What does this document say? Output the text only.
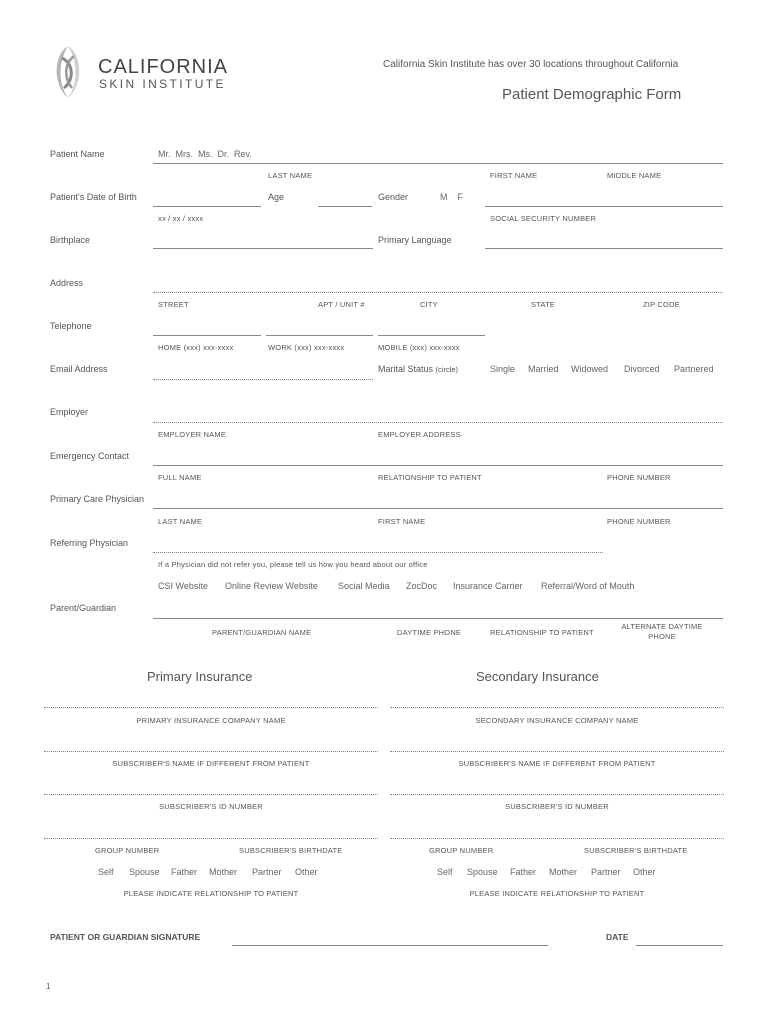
CALIFORNIA
SKIN INSTITUTE
California Skin Institute has over 30 locations throughout California
Patient Demographic Form
Patient Name	Mr.  Mrs.  Ms.  Dr.  Rev.
LAST NAME	FIRST NAME	MIDDLE NAME
Patient's Date of Birth	Age	Gender	M    F
xx / xx / xxxx	SOCIAL SECURITY NUMBER
Birthplace	Primary Language
Address
STREET	APT / UNIT #	CITY	STATE	ZIP CODE
Telephone
HOME (xxx) xxx-xxxx	WORK (xxx) xxx-xxxx	MOBILE (xxx) xxx-xxxx
Email Address	Marital Status (circle)	Single Married Widowed Divorced Partnered
Employer
EMPLOYER NAME	EMPLOYER ADDRESS
Emergency Contact
FULL NAME	RELATIONSHIP TO PATIENT	PHONE NUMBER
Primary Care Physician
LAST NAME	FIRST NAME	PHONE NUMBER
Referring Physician
If a Physician did not refer you, please tell us how you heard about our office
CSI Website Online Review Website Social Media ZocDoc Insurance Carrier Referral/Word of Mouth
Parent/Guardian
PARENT/GUARDIAN NAME	DAYTIME PHONE	RELATIONSHIP TO PATIENT
ALTERNATE DAYTIME
PHONE
Primary Insurance	Secondary Insurance
PRIMARY INSURANCE COMPANY NAME
SUBSCRIBER'S NAME IF DIFFERENT FROM PATIENT
SUBSCRIBER'S ID NUMBER
GROUP NUMBER	SUBSCRIBER'S BIRTHDATE
Self Spouse Father Mother Partner Other
PLEASE INDICATE RELATIONSHIP TO PATIENT
SECONDARY INSURANCE COMPANY NAME
SUBSCRIBER'S NAME IF DIFFERENT FROM PATIENT
SUBSCRIBER'S ID NUMBER
GROUP NUMBER	SUBSCRIBER'S BIRTHDATE
Self Spouse Father Mother Partner Other
PLEASE INDICATE RELATIONSHIP TO PATIENT
PATIENT OR GUARDIAN SIGNATURE	DATE
1
